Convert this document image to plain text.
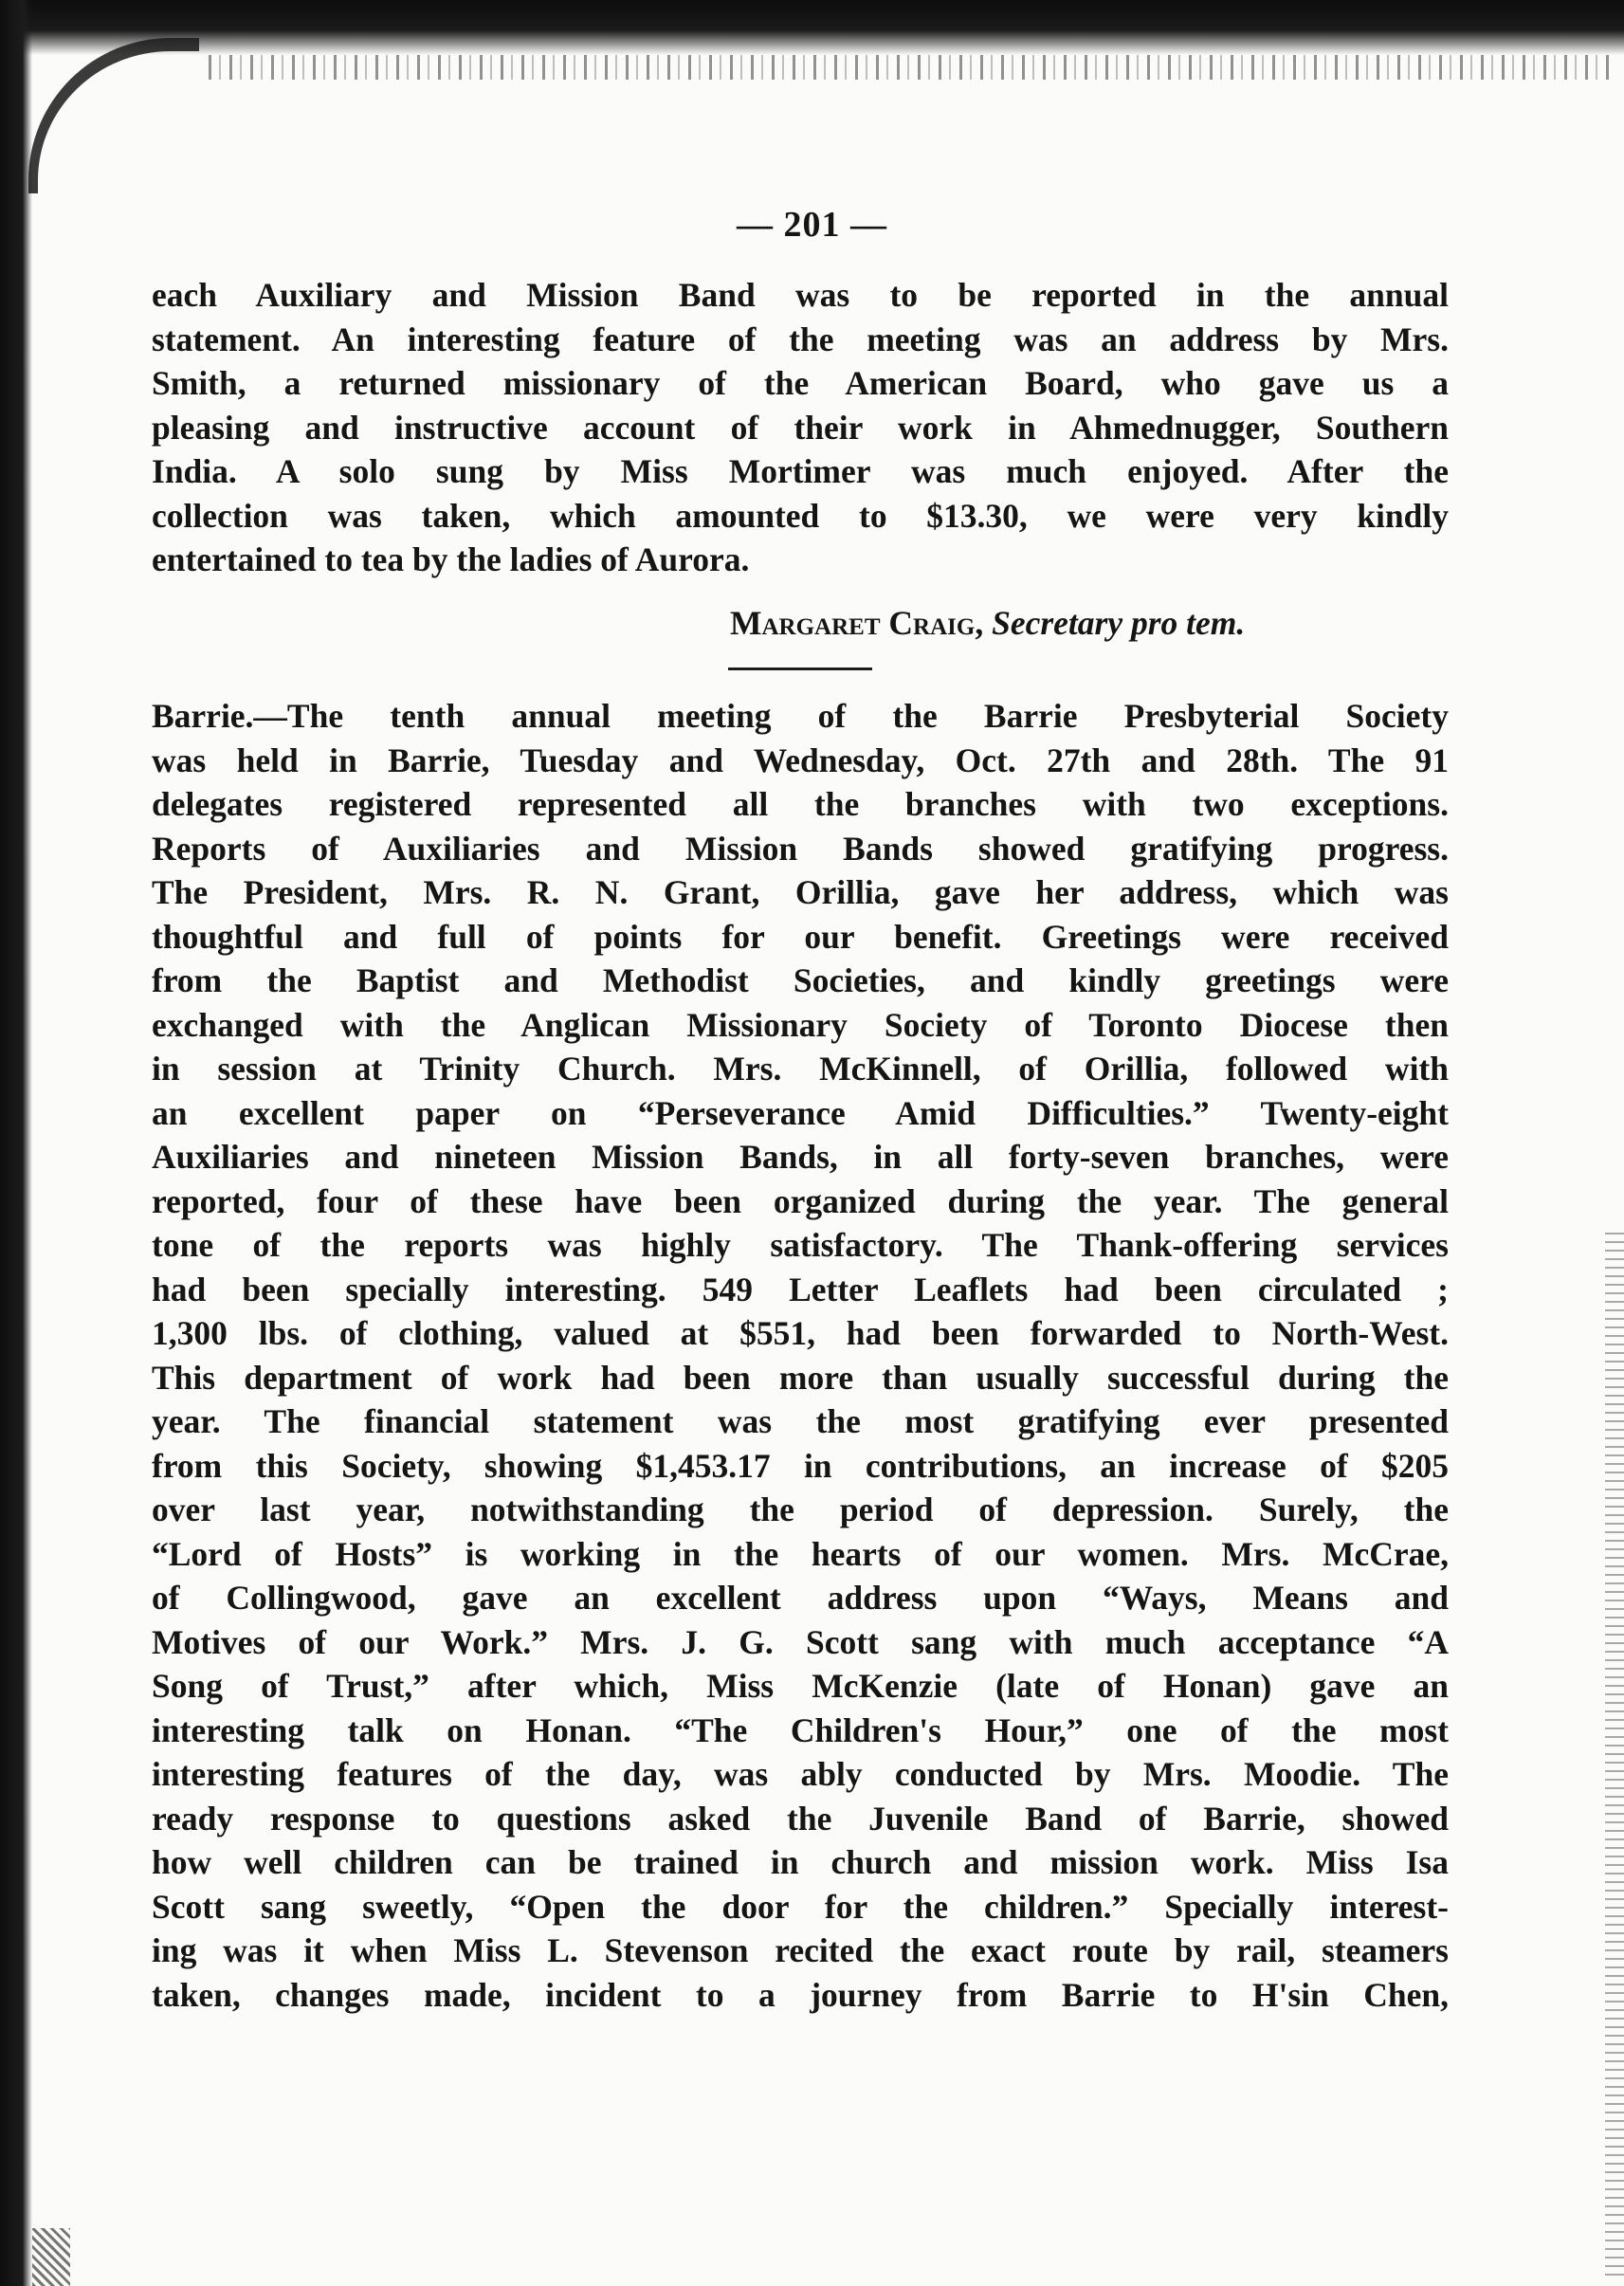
— 201 —
each Auxiliary and Mission Band was to be reported in the annual
statement. An interesting feature of the meeting was an address by Mrs.
Smith, a returned missionary of the American Board, who gave us a
pleasing and instructive account of their work in Ahmednugger, Southern
India. A solo sung by Miss Mortimer was much enjoyed. After the
collection was taken, which amounted to $13.30, we were very kindly
entertained to tea by the ladies of Aurora.
Margaret Craig, Secretary pro tem.
Barrie.—The tenth annual meeting of the Barrie Presbyterial Society
was held in Barrie, Tuesday and Wednesday, Oct. 27th and 28th. The 91
delegates registered represented all the branches with two exceptions.
Reports of Auxiliaries and Mission Bands showed gratifying progress.
The President, Mrs. R. N. Grant, Orillia, gave her address, which was
thoughtful and full of points for our benefit. Greetings were received
from the Baptist and Methodist Societies, and kindly greetings were
exchanged with the Anglican Missionary Society of Toronto Diocese then
in session at Trinity Church. Mrs. McKinnell, of Orillia, followed with
an excellent paper on “Perseverance Amid Difficulties.” Twenty-eight
Auxiliaries and nineteen Mission Bands, in all forty-seven branches, were
reported, four of these have been organized during the year. The general
tone of the reports was highly satisfactory. The Thank-offering services
had been specially interesting. 549 Letter Leaflets had been circulated ;
1,300 lbs. of clothing, valued at $551, had been forwarded to North-West.
This department of work had been more than usually successful during the
year. The financial statement was the most gratifying ever presented
from this Society, showing $1,453.17 in contributions, an increase of $205
over last year, notwithstanding the period of depression. Surely, the
“Lord of Hosts” is working in the hearts of our women. Mrs. McCrae,
of Collingwood, gave an excellent address upon “Ways, Means and
Motives of our Work.” Mrs. J. G. Scott sang with much acceptance “A
Song of Trust,” after which, Miss McKenzie (late of Honan) gave an
interesting talk on Honan. “The Children's Hour,” one of the most
interesting features of the day, was ably conducted by Mrs. Moodie. The
ready response to questions asked the Juvenile Band of Barrie, showed
how well children can be trained in church and mission work. Miss Isa
Scott sang sweetly, “Open the door for the children.” Specially interest-
ing was it when Miss L. Stevenson recited the exact route by rail, steamers
taken, changes made, incident to a journey from Barrie to H'sin Chen,
